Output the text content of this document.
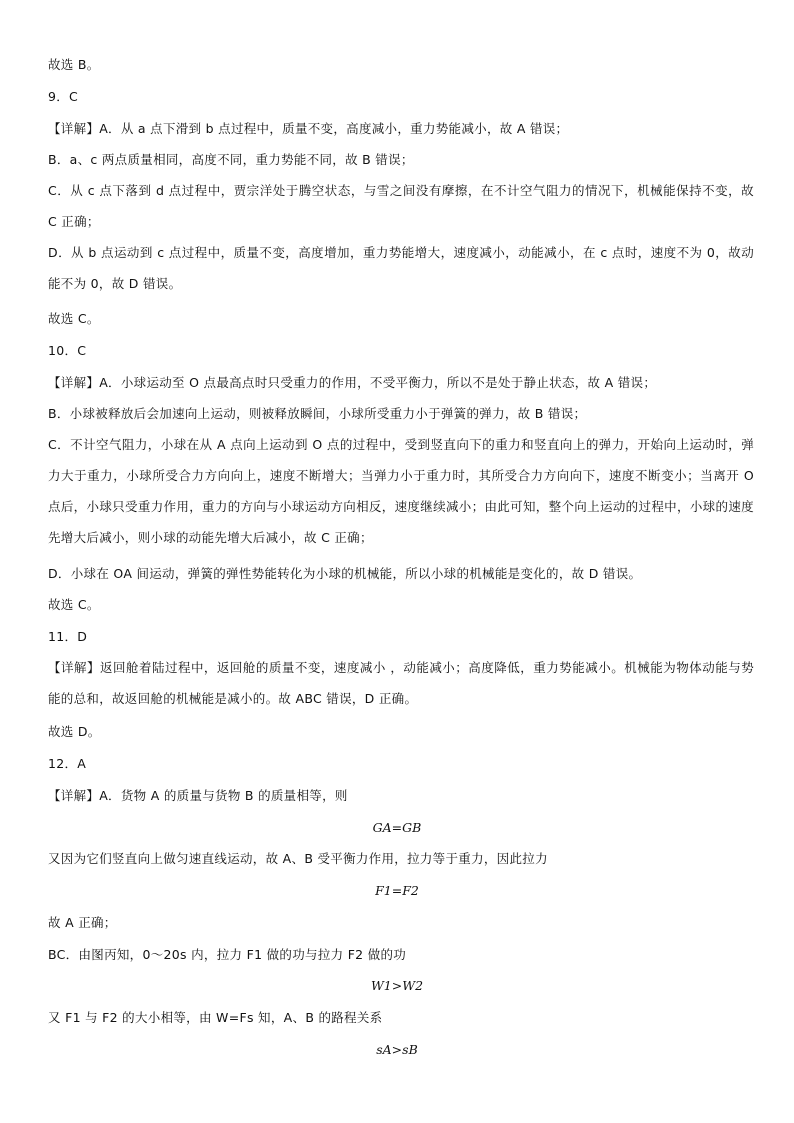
故选 B。
9．C
【详解】A．从 a 点下滑到 b 点过程中，质量不变，高度减小，重力势能减小，故 A 错误；
B．a、c 两点质量相同，高度不同，重力势能不同，故 B 错误；
C．从 c 点下落到 d 点过程中，贾宗洋处于腾空状态，与雪之间没有摩擦，在不计空气阻力的情况下，机械能保持不变，故 C 正确；
D．从 b 点运动到 c 点过程中，质量不变，高度增加，重力势能增大，速度减小，动能减小，在 c 点时，速度不为 0，故动能不为 0，故 D 错误。
故选 C。
10．C
【详解】A．小球运动至 O 点最高点时只受重力的作用，不受平衡力，所以不是处于静止状态，故 A 错误；
B．小球被释放后会加速向上运动，则被释放瞬间，小球所受重力小于弹簧的弹力，故 B 错误；
C．不计空气阻力，小球在从 A 点向上运动到 O 点的过程中，受到竖直向下的重力和竖直向上的弹力，开始向上运动时，弹力大于重力，小球所受合力方向向上，速度不断增大；当弹力小于重力时，其所受合力方向向下，速度不断变小；当离开 O 点后，小球只受重力作用，重力的方向与小球运动方向相反，速度继续减小；由此可知，整个向上运动的过程中，小球的速度先增大后减小，则小球的动能先增大后减小，故 C 正确；
D．小球在 OA 间运动，弹簧的弹性势能转化为小球的机械能，所以小球的机械能是变化的，故 D 错误。
故选 C。
11．D
【详解】返回舱着陆过程中，返回舱的质量不变，速度减小 ，动能减小；高度降低，重力势能减小。机械能为物体动能与势能的总和，故返回舱的机械能是减小的。故 ABC 错误，D 正确。
故选 D。
12．A
【详解】A．货物 A 的质量与货物 B 的质量相等，则
GA=GB
又因为它们竖直向上做匀速直线运动，故 A、B 受平衡力作用，拉力等于重力，因此拉力
F1=F2
故 A 正确；
BC．由图丙知，0～20s 内，拉力 F1 做的功与拉力 F2 做的功
W1>W2
又 F1 与 F2 的大小相等，由 W=Fs 知，A、B 的路程关系
sA>sB
